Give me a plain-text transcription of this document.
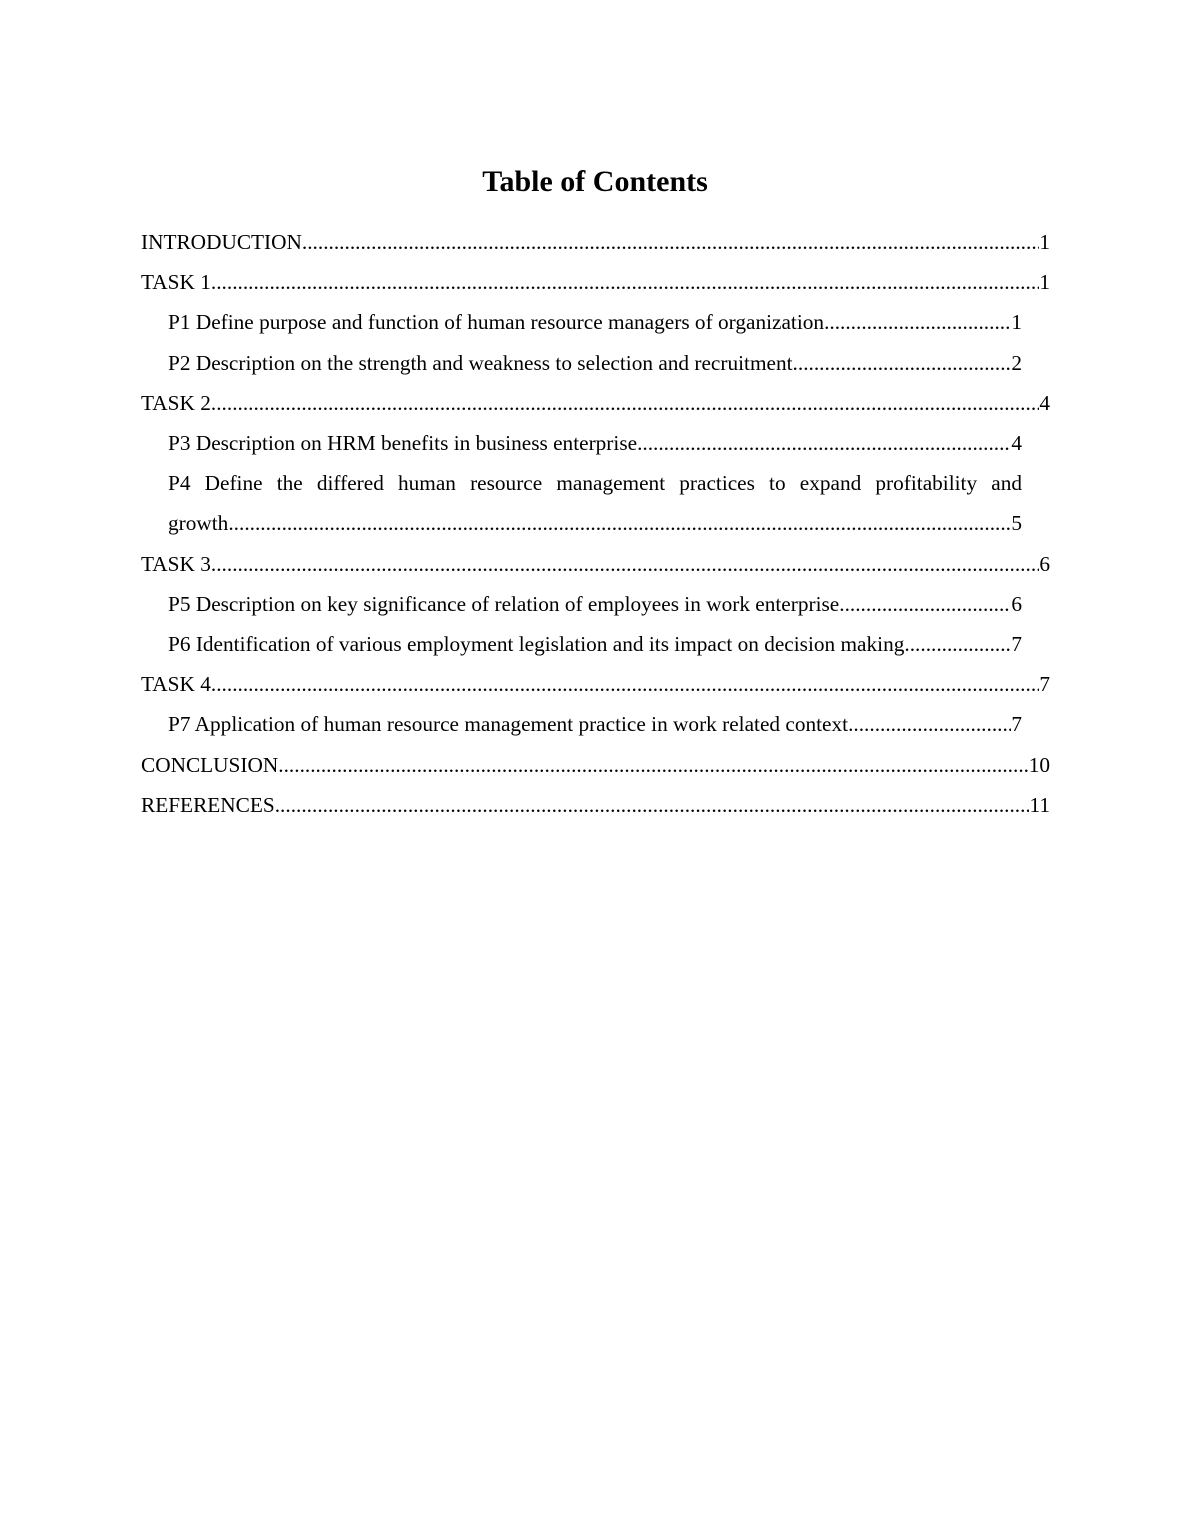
Table of Contents
INTRODUCTION .....	1
TASK 1 .....	1
P1 Define purpose and function of human resource managers of organization .....	1
P2 Description on the strength and weakness to selection and recruitment .....	2
TASK 2 .....	4
P3 Description on HRM benefits in business enterprise .....	4
P4 Define the differed human resource management practices to expand profitability and
growth .....	5
TASK 3 .....	6
P5 Description on key significance of relation of employees in work enterprise .....	6
P6 Identification of various employment legislation and its impact on decision making .....	7
TASK 4 .....	7
P7 Application of human resource management practice in work related context .....	7
CONCLUSION .....	10
REFERENCES .....	11
